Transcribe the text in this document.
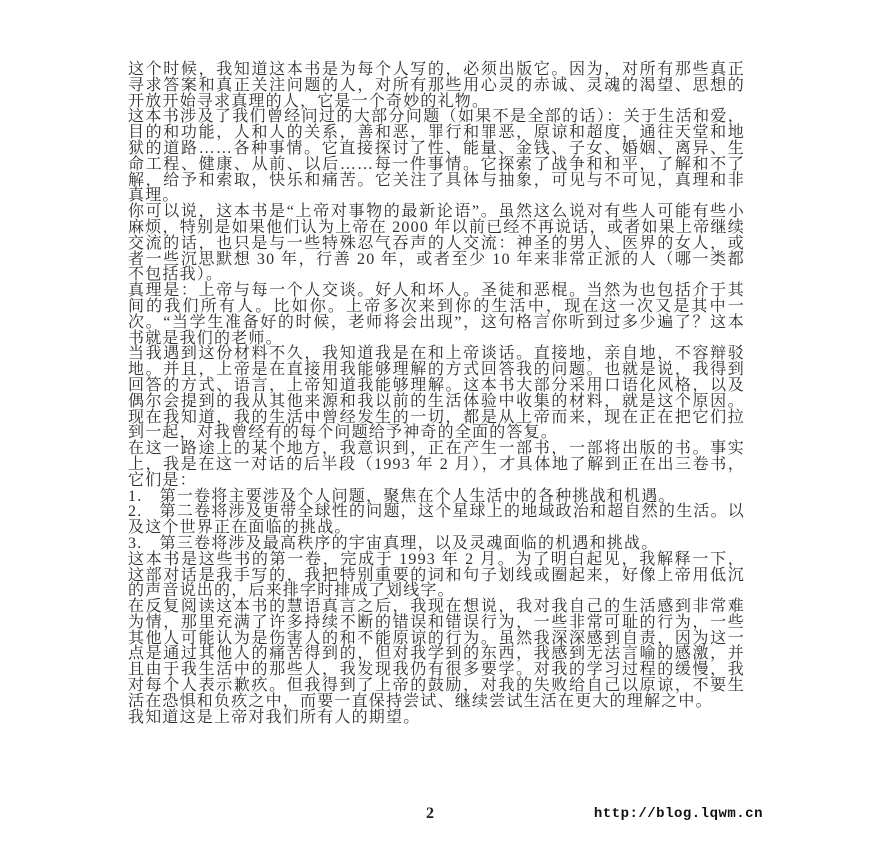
这个时候，我知道这本书是为每个人写的，必须出版它。因为，对所有那些真正寻求答案和真正关注问题的人，对所有那些用心灵的赤诚、灵魂的渴望、思想的开放开始寻求真理的人，它是一个奇妙的礼物。

这本书涉及了我们曾经问过的大部分问题（如果不是全部的话）：关于生活和爱，目的和功能，人和人的关系，善和恶，罪行和罪恶，原谅和超度，通往天堂和地狱的道路……各种事情。它直接探讨了性、能量、金钱、子女、婚姻、离异、生命工程、健康、从前、以后……每一件事情。它探索了战争和和平，了解和不了解，给予和索取，快乐和痛苦。它关注了具体与抽象，可见与不可见，真理和非真理。

你可以说，这本书是“上帝对事物的最新论语”。虽然这么说对有些人可能有些小麻烦，特别是如果他们认为上帝在 2000 年以前已经不再说话，或者如果上帝继续交流的话，也只是与一些特殊忍气吞声的人交流：神圣的男人、医界的女人，或者一些沉思默想 30 年，行善 20 年，或者至少 10 年来非常正派的人（哪一类都不包括我）。

真理是：上帝与每一个人交谈。好人和坏人。圣徒和恶棍。当然为也包括介于其间的我们所有人。比如你。上帝多次来到你的生活中，现在这一次又是其中一次。“当学生准备好的时候，老师将会出现”，这句格言你听到过多少遍了？这本书就是我们的老师。

当我遇到这份材料不久，我知道我是在和上帝谈话。直接地，亲自地，不容辩驳地。并且，上帝是在直接用我能够理解的方式回答我的问题。也就是说，我得到回答的方式、语言，上帝知道我能够理解。这本书大部分采用口语化风格，以及偶尔会提到的我从其他来源和我以前的生活体验中收集的材料，就是这个原因。现在我知道，我的生活中曾经发生的一切，都是从上帝而来，现在正在把它们拉到一起，对我曾经有的每个问题给予神奇的全面的答复。

在这一路途上的某个地方，我意识到，正在产生一部书，一部将出版的书。事实上，我是在这一对话的后半段（1993 年 2 月），才具体地了解到正在出三卷书，它们是：

1.　第一卷将主要涉及个人问题，聚焦在个人生活中的各种挑战和机遇。

2.　第二卷将涉及更带全球性的问题，这个星球上的地域政治和超自然的生活。以及这个世界正在面临的挑战。

3.　第三卷将涉及最高秩序的宇宙真理，以及灵魂面临的机遇和挑战。

这本书是这些书的第一卷，完成于 1993 年 2 月。为了明白起见，我解释一下，这部对话是我手写的，我把特别重要的词和句子划线或圈起来，好像上帝用低沉的声音说出的，后来排字时排成了划线字。

在反复阅读这本书的慧语真言之后，我现在想说，我对我自己的生活感到非常难为情，那里充满了许多持续不断的错误和错误行为，一些非常可耻的行为，一些其他人可能认为是伤害人的和不能原谅的行为。虽然我深深感到自责，因为这一点是通过其他人的痛苦得到的，但对我学到的东西，我感到无法言喻的感激，并且由于我生活中的那些人，我发现我仍有很多要学。对我的学习过程的缓慢，我对每个人表示歉疚。但我得到了上帝的鼓励，对我的失败给自己以原谅，不要生活在恐惧和负疚之中，而要一直保持尝试、继续尝试生活在更大的理解之中。

我知道这是上帝对我们所有人的期望。

2	http://blog.lqwm.cn
